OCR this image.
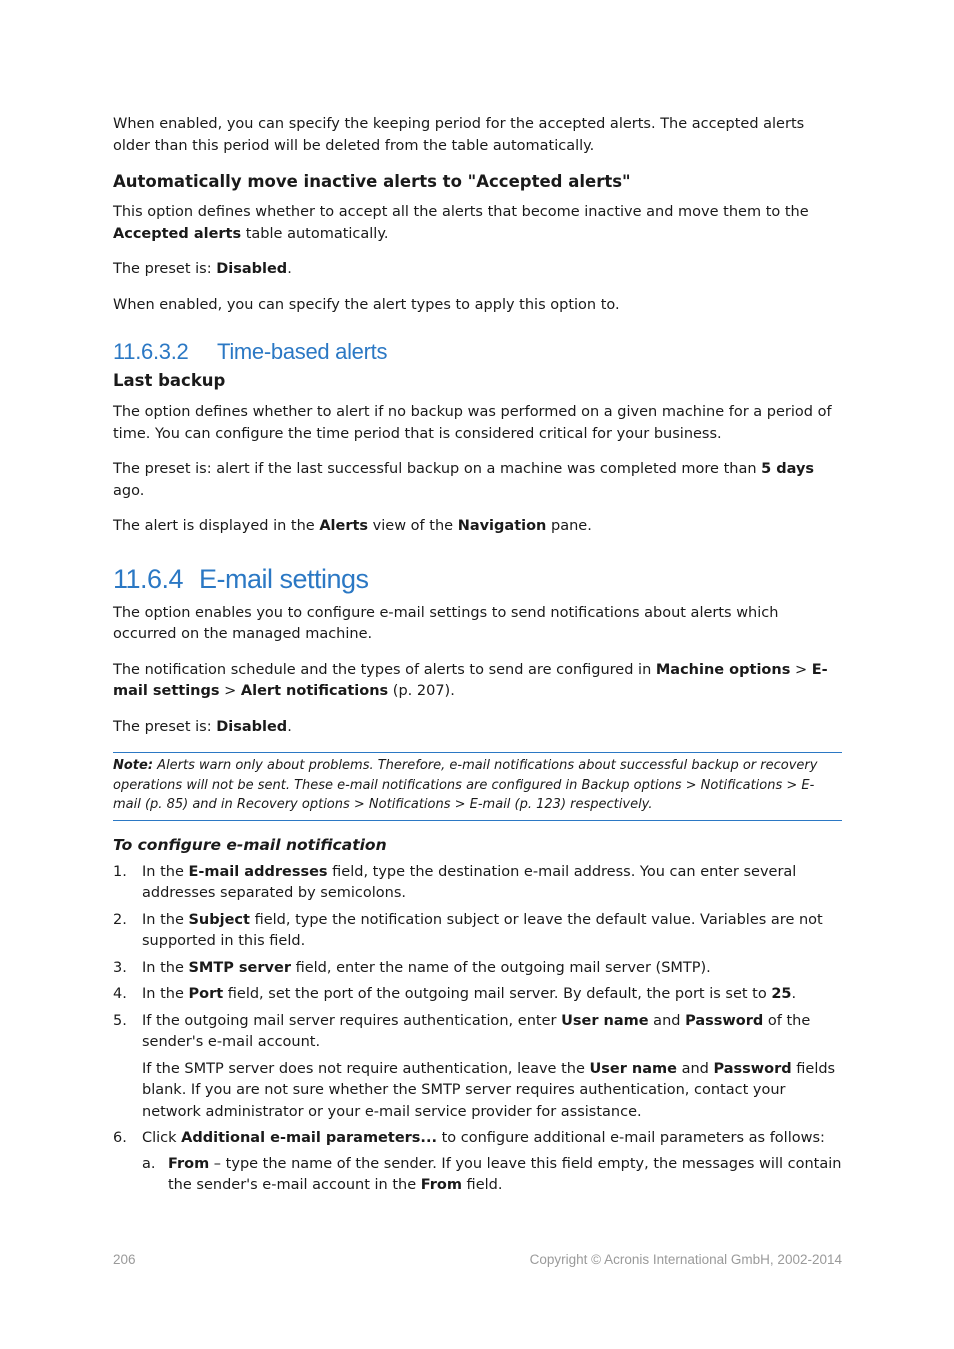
When enabled, you can specify the keeping period for the accepted alerts. The accepted alerts older than this period will be deleted from the table automatically.

Automatically move inactive alerts to "Accepted alerts"

This option defines whether to accept all the alerts that become inactive and move them to the Accepted alerts table automatically.

The preset is: Disabled.

When enabled, you can specify the alert types to apply this option to.

11.6.3.2 Time-based alerts
Last backup

The option defines whether to alert if no backup was performed on a given machine for a period of time. You can configure the time period that is considered critical for your business.

The preset is: alert if the last successful backup on a machine was completed more than 5 days ago.

The alert is displayed in the Alerts view of the Navigation pane.

11.6.4 E-mail settings

The option enables you to configure e-mail settings to send notifications about alerts which occurred on the managed machine.

The notification schedule and the types of alerts to send are configured in Machine options > E-mail settings > Alert notifications (p. 207).

The preset is: Disabled.

Note: Alerts warn only about problems. Therefore, e-mail notifications about successful backup or recovery operations will not be sent. These e-mail notifications are configured in Backup options > Notifications > E-mail (p. 85) and in Recovery options > Notifications > E-mail (p. 123) respectively.
To configure e-mail notification
1. In the E-mail addresses field, type the destination e-mail address. You can enter several addresses separated by semicolons.
2. In the Subject field, type the notification subject or leave the default value. Variables are not supported in this field.
3. In the SMTP server field, enter the name of the outgoing mail server (SMTP).
4. In the Port field, set the port of the outgoing mail server. By default, the port is set to 25.
5. If the outgoing mail server requires authentication, enter User name and Password of the sender's e-mail account.
If the SMTP server does not require authentication, leave the User name and Password fields blank. If you are not sure whether the SMTP server requires authentication, contact your network administrator or your e-mail service provider for assistance.
6. Click Additional e-mail parameters... to configure additional e-mail parameters as follows:
a. From – type the name of the sender. If you leave this field empty, the messages will contain the sender's e-mail account in the From field.
206	Copyright © Acronis International GmbH, 2002-2014
